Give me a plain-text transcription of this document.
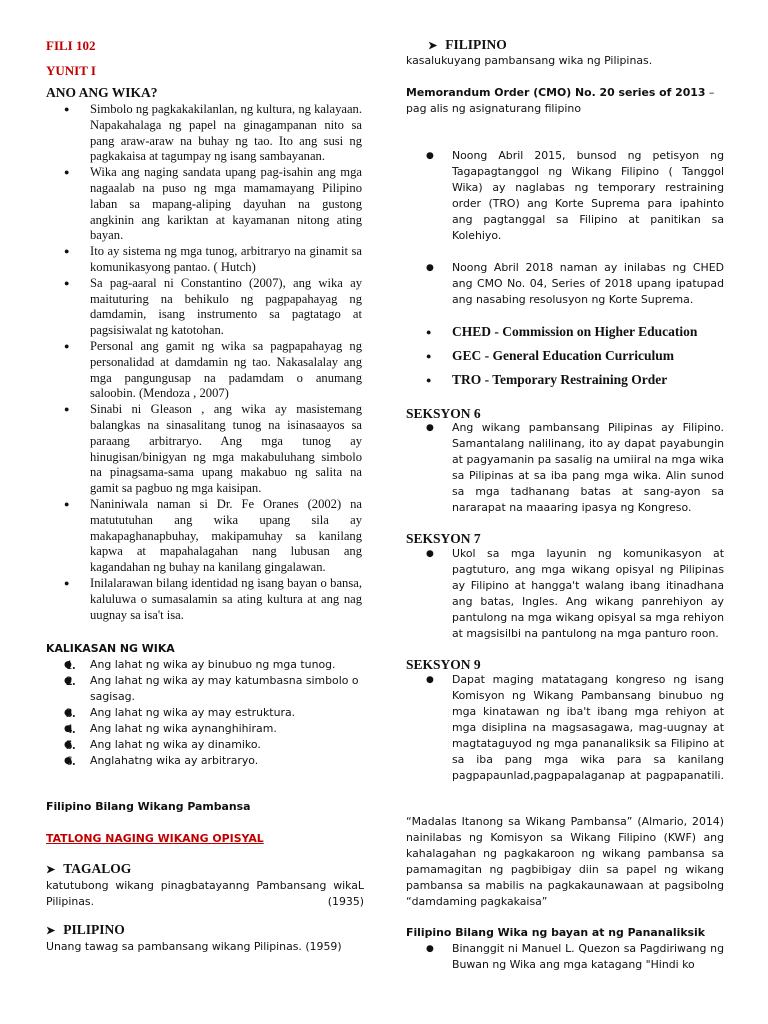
FILI 102
YUNIT I
ANO ANG WIKA?
● Simbolo ng pagkakakilanlan, ng kultura, ng kalayaan. Napakahalaga ng papel na ginagampanan nito sa pang araw-araw na buhay ng tao. Ito ang susi ng pagkakaisa at tagumpay ng isang sambayanan.
● Wika ang naging sandata upang pag-isahin ang mga nagaalab na puso ng mga mamamayang Pilipino laban sa mapang-aliping dayuhan na gustong angkinin ang kariktan at kayamanan nitong ating bayan.
● Ito ay sistema ng mga tunog, arbitraryo na ginamit sa komunikasyong pantao. ( Hutch)
● Sa pag-aaral ni Constantino (2007), ang wika ay maituturing na behikulo ng pagpapahayag ng damdamin, isang instrumento sa pagtatago at pagsisiwalat ng katotohan.
● Personal ang gamit ng wika sa pagpapahayag ng personalidad at damdamin ng tao. Nakasalalay ang mga pangungusap na padamdam o anumang saloobin. (Mendoza , 2007)
● Sinabi ni Gleason , ang wika ay masistemang balangkas na sinasalitang tunog na isinasaayos sa paraang arbitraryo. Ang mga tunog ay hinugisan/binigyan ng mga makabuluhang simbolo na pinagsama-sama upang makabuo ng salita na gamit sa pagbuo ng mga kaisipan.
● Naniniwala naman si Dr. Fe Oranes (2002) na matututuhan ang wika upang sila ay makapaghanapbuhay, makipamuhay sa kanilang kapwa at mapahalagahan nang lubusan ang kagandahan ng buhay na kanilang gingalawan.
● Inilalarawan bilang identidad ng isang bayan o bansa, kaluluwa o sumasalamin sa ating kultura at ang nag uugnay sa isa't isa.
KALIKASAN NG WIKA
● 1. Ang lahat ng wika ay binubuo ng mga tunog.
● 2. Ang lahat ng wika ay may katumbasna simbolo o sagisag.
● 3. Ang lahat ng wika ay may estruktura.
● 4. Ang lahat ng wika aynanghihiram.
● 5. Ang lahat ng wika ay dinamiko.
● 6. Anglahatng wika ay arbitraryo.
Filipino Bilang Wikang Pambansa
TATLONG NAGING WIKANG OPISYAL
➤ TAGALOG
katutubong wikang pinagbatayanng Pambansang wikaL Pilipinas. (1935)
➤ PILIPINO
Unang tawag sa pambansang wikang Pilipinas. (1959)
➤ FILIPINO
kasalukuyang pambansang wika ng Pilipinas.
Memorandum Order (CMO) No. 20 series of 2013 – pag alis ng asignaturang filipino
● Noong Abril 2015, bunsod ng petisyon ng Tagapagtanggol ng Wikang Filipino ( Tanggol Wika) ay naglabas ng temporary restraining order (TRO) ang Korte Suprema para ipahinto ang pagtanggal sa Filipino at panitikan sa Kolehiyo.
● Noong Abril 2018 naman ay inilabas ng CHED ang CMO No. 04, Series of 2018 upang ipatupad ang nasabing resolusyon ng Korte Suprema.
● CHED - Commission on Higher Education
● GEC - General Education Curriculum
● TRO - Temporary Restraining Order
SEKSYON 6
● Ang wikang pambansang Pilipinas ay Filipino. Samantalang nalilinang, ito ay dapat payabungin at pagyamanin pa sasalig na umiiral na mga wika sa Pilipinas at sa iba pang mga wika. Alin sunod sa mga tadhanang batas at sang-ayon sa nararapat na maaaring ipasya ng Kongreso.
SEKSYON 7
● Ukol sa mga layunin ng komunikasyon at pagtuturo, ang mga wikang opisyal ng Pilipinas ay Filipino at hangga't walang ibang itinadhana ang batas, Ingles. Ang wikang panrehiyon ay pantulong na mga wikang opisyal sa mga rehiyon at magsisilbi na pantulong na mga panturo roon.
SEKSYON 9
● Dapat maging matatagang kongreso ng isang Komisyon ng Wikang Pambansang binubuo ng mga kinatawan ng iba't ibang mga rehiyon at mga disiplina na magsasagawa, mag-uugnay at magtataguyod ng mga pananaliksik sa Filipino at sa iba pang mga wika para sa kanilang pagpapaunlad,pagpapalaganap at pagpapanatili.
“Madalas Itanong sa Wikang Pambansa” (Almario, 2014) nainilabas ng Komisyon sa Wikang Filipino (KWF) ang kahalagahan ng pagkakaroon ng wikang pambansa sa pamamagitan ng pagbibigay diin sa papel ng wikang pambansa sa mabilis na pagkakaunawaan at pagsibolng “damdaming pagkakaisa”
Filipino Bilang Wika ng bayan at ng Pananaliksik
● Binanggit ni Manuel L. Quezon sa Pagdiriwang ng Buwan ng Wika ang mga katagang "Hindi ko
